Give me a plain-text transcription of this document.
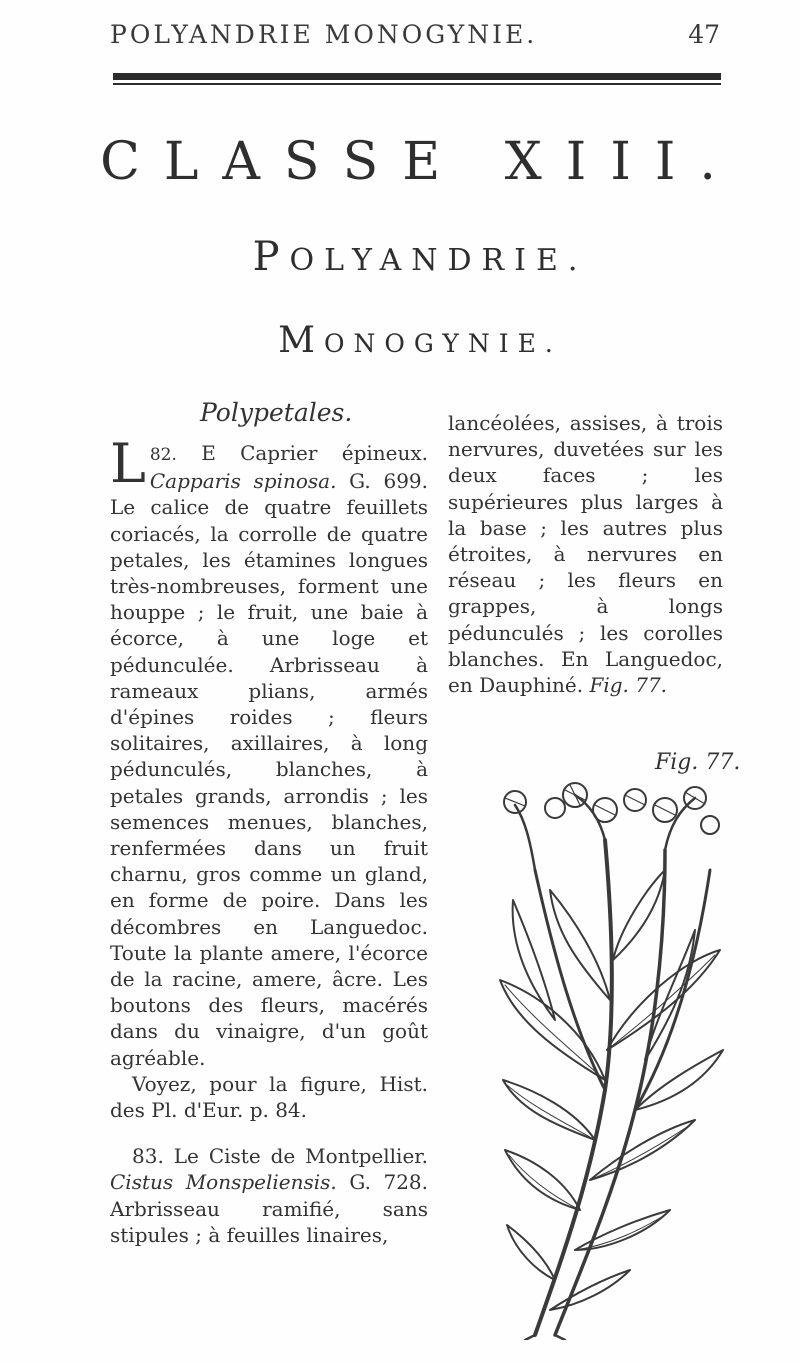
POLYANDRIE MONOGYNIE.	47
CLASSE XIII.
POLYANDRIE.
MONOGYNIE.
Polypetales.

82.
L	E Caprier épineux. Capparis spinosa. G. 699. Le calice de quatre feuillets coriacés, la corrolle de quatre petales, les étamines longues très-nombreuses, forment une houppe ; le fruit, une baie à écorce, à une loge et pédunculée. Arbrisseau à rameaux plians, armés d'épines roides ; fleurs solitaires, axillaires, à long pédunculés, blanches, à petales grands, arrondis ; les semences menues, blanches, renfermées dans un fruit charnu, gros comme un gland, en forme de poire. Dans les décombres en Languedoc. Toute la plante amere, l'écorce de la racine, amere, âcre. Les boutons des fleurs, macérés dans du vinaigre, d'un goût agréable.

Voyez, pour la figure, Hist. des Pl. d'Eur. p. 84.

83. Le Ciste de Montpellier. Cistus Monspeliensis. G. 728. Arbrisseau ramifié, sans stipules ; à feuilles linaires,

lancéolées, assises, à trois nervures, duvetées sur les deux faces ; les supérieures plus larges à la base ; les autres plus étroites, à nervures en réseau ; les fleurs en grappes, à longs pédunculés ; les corolles blanches. En Languedoc, en Dauphiné. Fig. 77.

Fig. 77.
